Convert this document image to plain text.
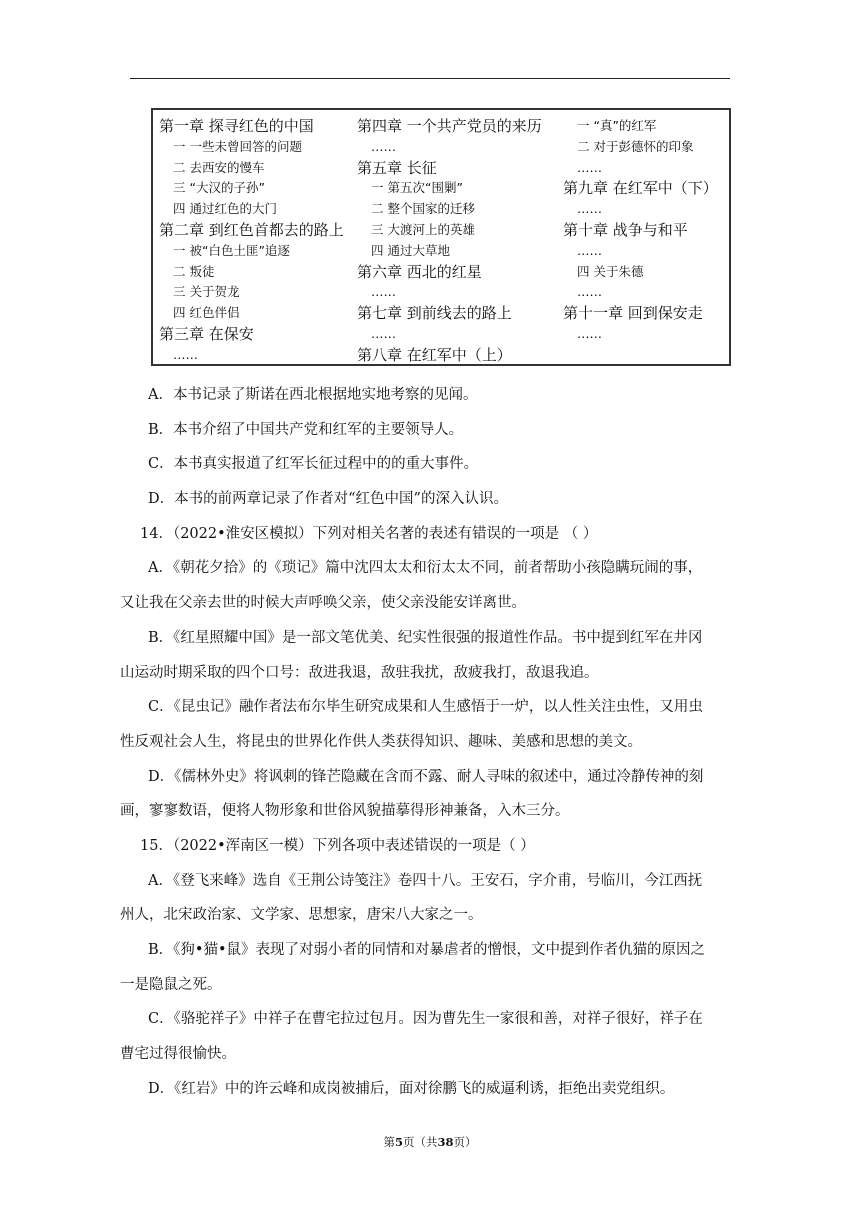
第一章 探寻红色的中国
一 一些未曾回答的问题
二 去西安的慢车
三 “大汉的子孙”
四 通过红色的大门
第二章 到红色首都去的路上
一 被“白色土匪”追逐
二 叛徒
三 关于贺龙
四 红色伴侣
第三章 在保安
……
第四章 一个共产党员的来历
……
第五章 长征
一 第五次“围剿”
二 整个国家的迁移
三 大渡河上的英雄
四 通过大草地
第六章 西北的红星
……
第七章 到前线去的路上
……
第八章 在红军中（上）
一 “真”的红军
二 对于彭德怀的印象
……
第九章 在红军中（下）
……
第十章 战争与和平
……
四 关于朱德
……
第十一章 回到保安走
……
A．本书记录了斯诺在西北根据地实地考察的见闻。
B．本书介绍了中国共产党和红军的主要领导人。
C．本书真实报道了红军长征过程中的的重大事件。
D．本书的前两章记录了作者对“红色中国”的深入认识。
14．（2022•淮安区模拟）下列对相关名著的表述有错误的一项是 （ ）
A．《朝花夕拾》的《琐记》篇中沈四太太和衍太太不同，前者帮助小孩隐瞒玩闹的事，
又让我在父亲去世的时候大声呼唤父亲，使父亲没能安详离世。
B．《红星照耀中国》是一部文笔优美、纪实性很强的报道性作品。书中提到红军在井冈
山运动时期采取的四个口号：敌进我退，敌驻我扰，敌疲我打，敌退我追。
C．《昆虫记》融作者法布尔毕生研究成果和人生感悟于一炉，以人性关注虫性，又用虫
性反观社会人生，将昆虫的世界化作供人类获得知识、趣味、美感和思想的美文。
D．《儒林外史》将讽刺的锋芒隐藏在含而不露、耐人寻味的叙述中，通过冷静传神的刻
画，寥寥数语，便将人物形象和世俗风貌描摹得形神兼备，入木三分。
15．（2022•浑南区一模）下列各项中表述错误的一项是（ ）
A．《登飞来峰》选自《王荆公诗笺注》卷四十八。王安石，字介甫，号临川，今江西抚
州人，北宋政治家、文学家、思想家，唐宋八大家之一。
B．《狗•猫•鼠》表现了对弱小者的同情和对暴虐者的憎恨，文中提到作者仇猫的原因之
一是隐鼠之死。
C．《骆驼祥子》中祥子在曹宅拉过包月。因为曹先生一家很和善，对祥子很好，祥子在
曹宅过得很愉快。
D．《红岩》中的许云峰和成岗被捕后，面对徐鹏飞的威逼利诱，拒绝出卖党组织。
第5页（共38页）
